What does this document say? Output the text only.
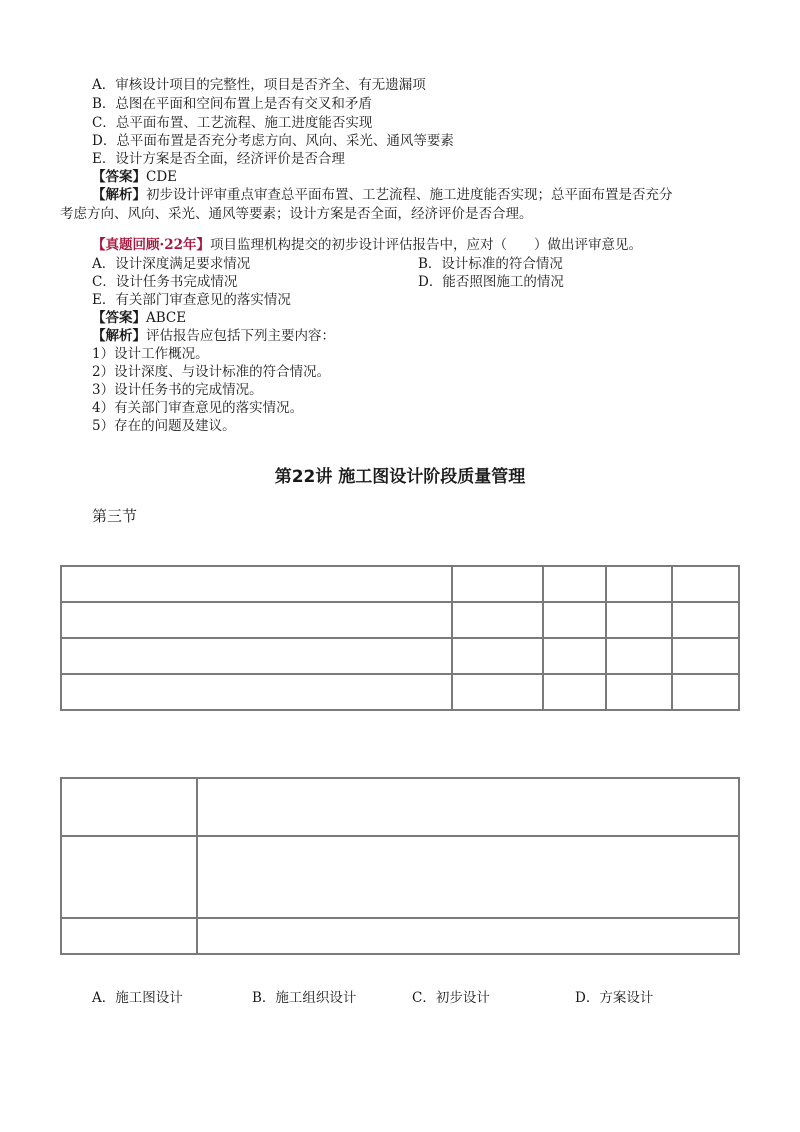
A．审核设计项目的完整性，项目是否齐全、有无遗漏项
B．总图在平面和空间布置上是否有交叉和矛盾
C．总平面布置、工艺流程、施工进度能否实现
D．总平面布置是否充分考虑方向、风向、采光、通风等要素
E．设计方案是否全面，经济评价是否合理
【答案】CDE
【解析】初步设计评审重点审查总平面布置、工艺流程、施工进度能否实现；总平面布置是否充分
考虑方向、风向、采光、通风等要素；设计方案是否全面，经济评价是否合理。
【真题回顾·22年】项目监理机构提交的初步设计评估报告中，应对（　　）做出评审意见。
A．设计深度满足要求情况	B．设计标准的符合情况
C．设计任务书完成情况	D．能否照图施工的情况
E．有关部门审查意见的落实情况
【答案】ABCE
【解析】评估报告应包括下列主要内容：
1）设计工作概况。
2）设计深度、与设计标准的符合情况。
3）设计任务书的完成情况。
4）有关部门审查意见的落实情况。
5）存在的问题及建议。
第22讲 施工图设计阶段质量管理
第三节

A．施工图设计	B．施工组织设计	C．初步设计	D．方案设计
